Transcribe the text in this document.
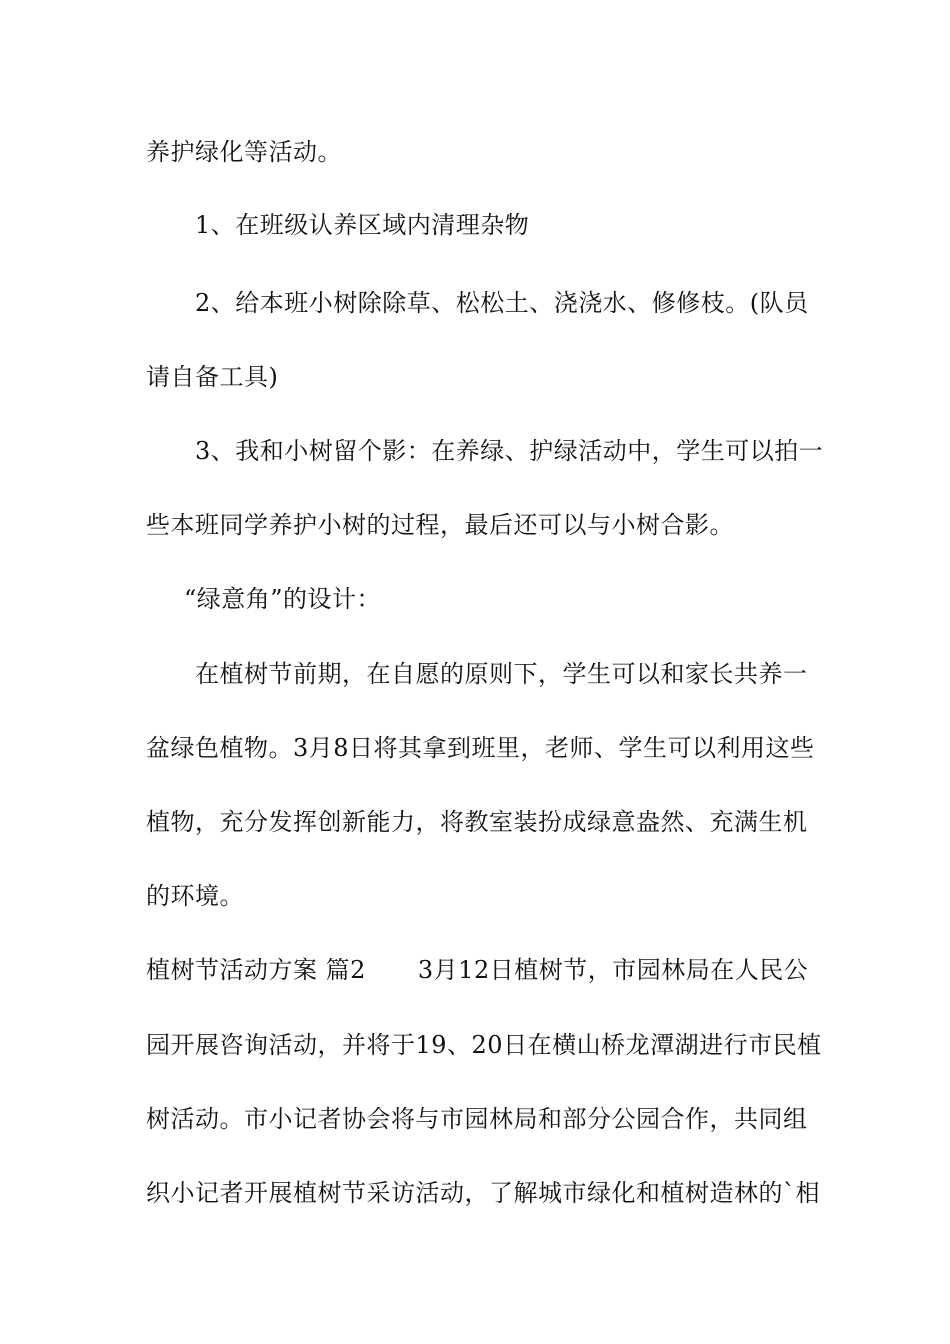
养护绿化等活动。
1、在班级认养区域内清理杂物
2、给本班小树除除草、松松土、浇浇水、修修枝。(队员
请自备工具)
3、我和小树留个影：在养绿、护绿活动中，学生可以拍一
些本班同学养护小树的过程，最后还可以与小树合影。
“绿意角”的设计：
在植树节前期，在自愿的原则下，学生可以和家长共养一
盆绿色植物。3月8日将其拿到班里，老师、学生可以利用这些
植物，充分发挥创新能力，将教室装扮成绿意盎然、充满生机
的环境。
植树节活动方案 篇2 3月12日植树节，市园林局在人民公
园开展咨询活动，并将于19、20日在横山桥龙潭湖进行市民植
树活动。市小记者协会将与市园林局和部分公园合作，共同组
织小记者开展植树节采访活动，了解城市绿化和植树造林的`相
